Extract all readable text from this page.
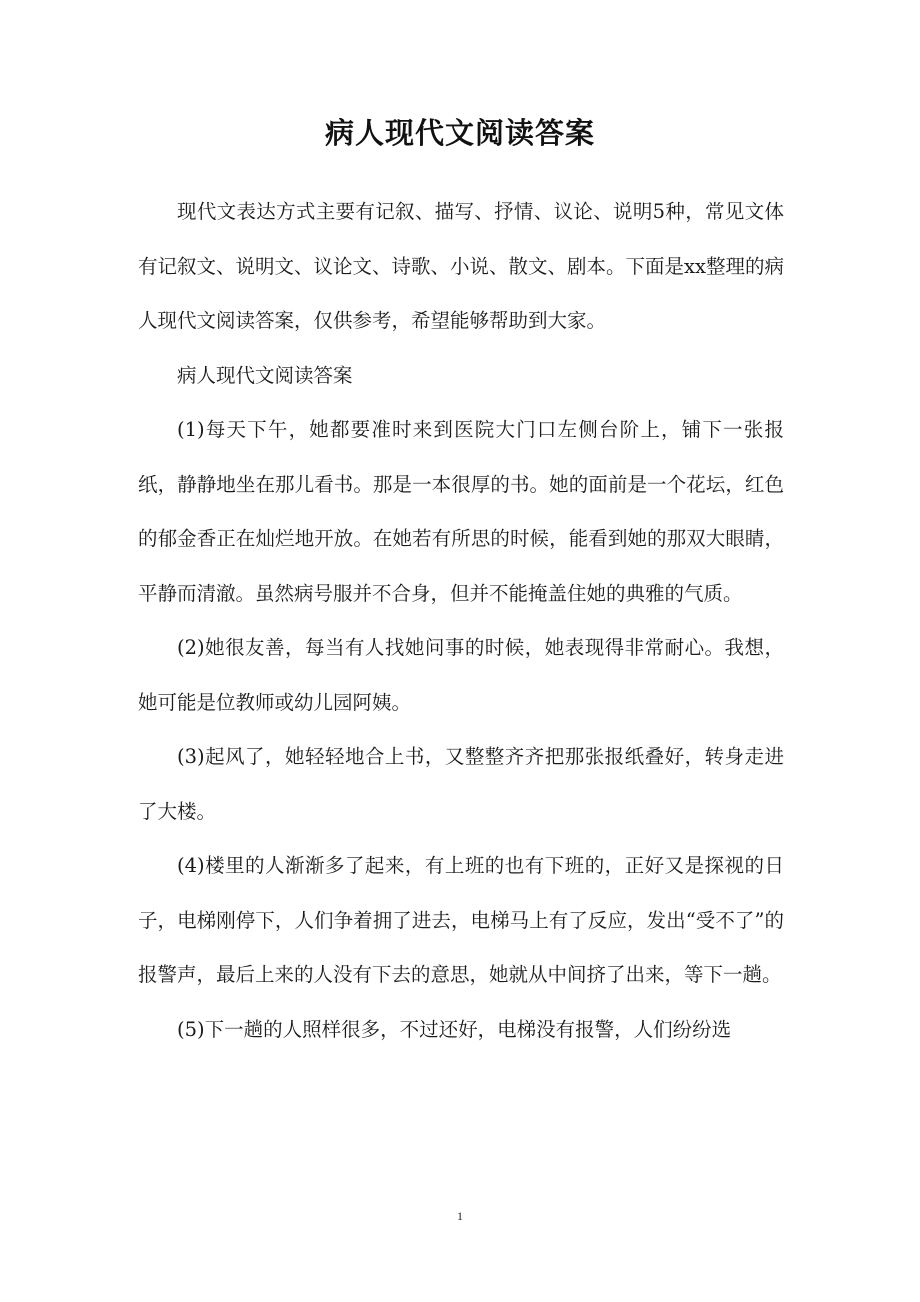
病人现代文阅读答案

现代文表达方式主要有记叙、描写、抒情、议论、说明5种，常见文体有记叙文、说明文、议论文、诗歌、小说、散文、剧本。下面是xx整理的病人现代文阅读答案，仅供参考，希望能够帮助到大家。

病人现代文阅读答案

(1)每天下午，她都要准时来到医院大门口左侧台阶上，铺下一张报纸，静静地坐在那儿看书。那是一本很厚的书。她的面前是一个花坛，红色的郁金香正在灿烂地开放。在她若有所思的时候，能看到她的那双大眼睛，平静而清澈。虽然病号服并不合身，但并不能掩盖住她的典雅的气质。

(2)她很友善，每当有人找她问事的时候，她表现得非常耐心。我想，她可能是位教师或幼儿园阿姨。

(3)起风了，她轻轻地合上书，又整整齐齐把那张报纸叠好，转身走进了大楼。

(4)楼里的人渐渐多了起来，有上班的也有下班的，正好又是探视的日子，电梯刚停下，人们争着拥了进去，电梯马上有了反应，发出“受不了”的报警声，最后上来的人没有下去的意思，她就从中间挤了出来，等下一趟。

(5)下一趟的人照样很多，不过还好，电梯没有报警，人们纷纷选

1
